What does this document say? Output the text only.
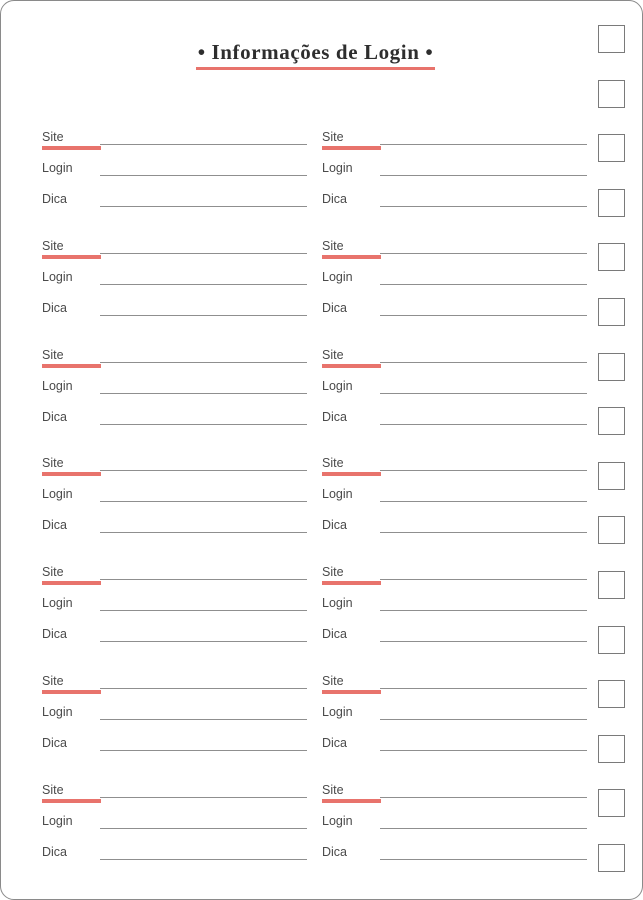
• Informações de Login •
Site
Login
Dica
Site
Login
Dica
Site
Login
Dica
Site
Login
Dica
Site
Login
Dica
Site
Login
Dica
Site
Login
Dica
Site
Login
Dica
Site
Login
Dica
Site
Login
Dica
Site
Login
Dica
Site
Login
Dica
Site
Login
Dica
Site
Login
Dica
